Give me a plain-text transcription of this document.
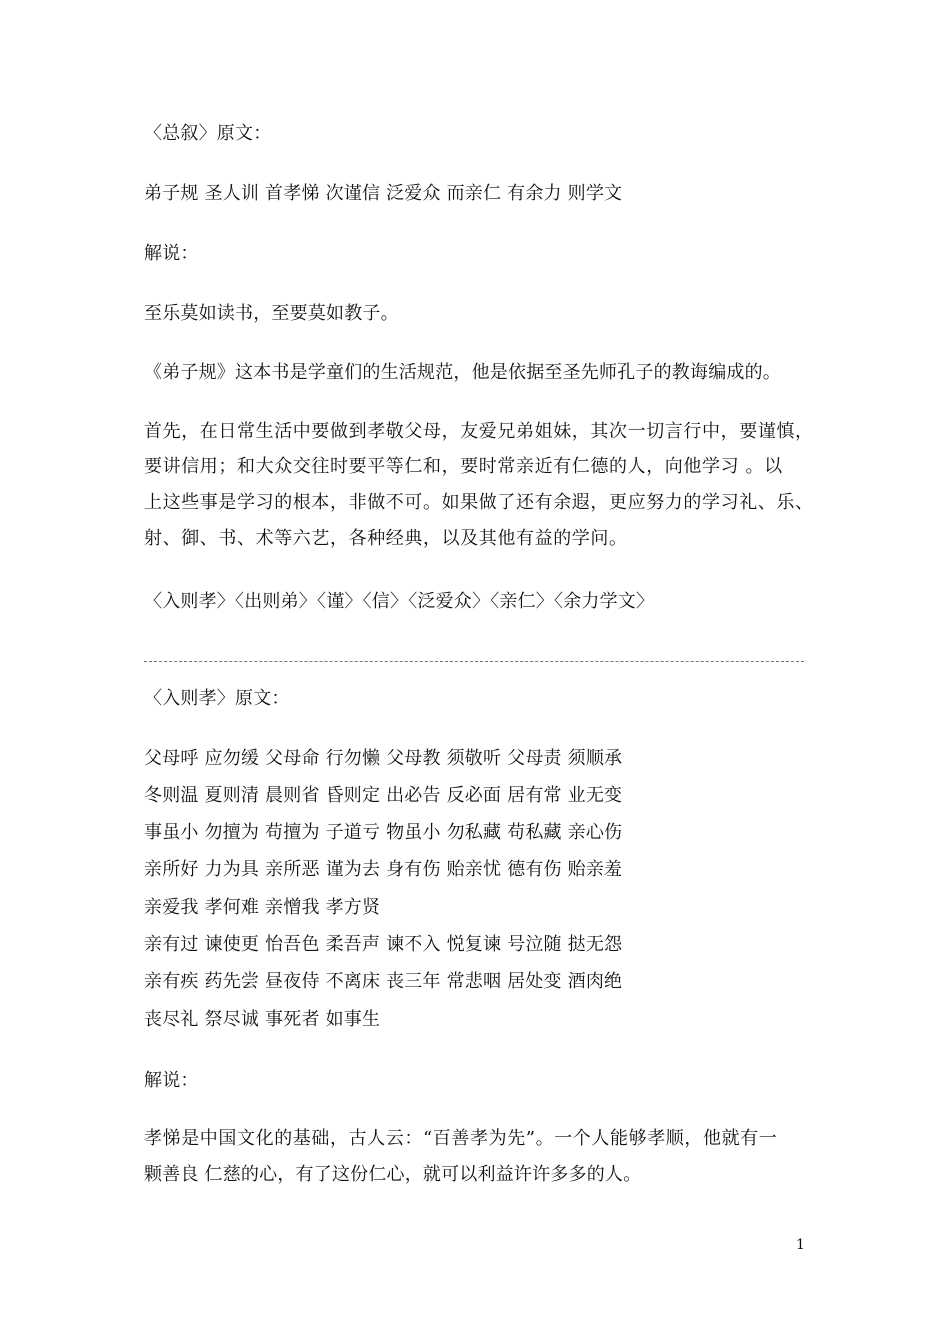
〈总叙〉原文：
弟子规 圣人训 首孝悌 次谨信 泛爱众 而亲仁 有余力 则学文
解说：
至乐莫如读书，至要莫如教子。
《弟子规》这本书是学童们的生活规范，他是依据至圣先师孔子的教诲编成的。
首先，在日常生活中要做到孝敬父母，友爱兄弟姐妹，其次一切言行中，要谨慎，
要讲信用；和大众交往时要平等仁和，要时常亲近有仁德的人，向他学习 。以
上这些事是学习的根本，非做不可。如果做了还有余遐，更应努力的学习礼、乐、
射、御、书、术等六艺，各种经典，以及其他有益的学问。
〈入则孝〉〈出则弟〉〈谨〉〈信〉〈泛爱众〉〈亲仁〉〈余力学文〉
〈入则孝〉原文：
父母呼 应勿缓 父母命 行勿懒 父母教 须敬听 父母责 须顺承
冬则温 夏则清 晨则省 昏则定 出必告 反必面 居有常 业无变
事虽小 勿擅为 苟擅为 子道亏 物虽小 勿私藏 苟私藏 亲心伤
亲所好 力为具 亲所恶 谨为去 身有伤 贻亲忧 德有伤 贻亲羞
亲爱我 孝何难 亲憎我 孝方贤
亲有过 谏使更 怡吾色 柔吾声 谏不入 悦复谏 号泣随 挞无怨
亲有疾 药先尝 昼夜侍 不离床 丧三年 常悲咽 居处变 酒肉绝
丧尽礼 祭尽诚 事死者 如事生
解说：
孝悌是中国文化的基础，古人云：“百善孝为先”。一个人能够孝顺，他就有一
颗善良 仁慈的心，有了这份仁心，就可以利益许许多多的人。
1
